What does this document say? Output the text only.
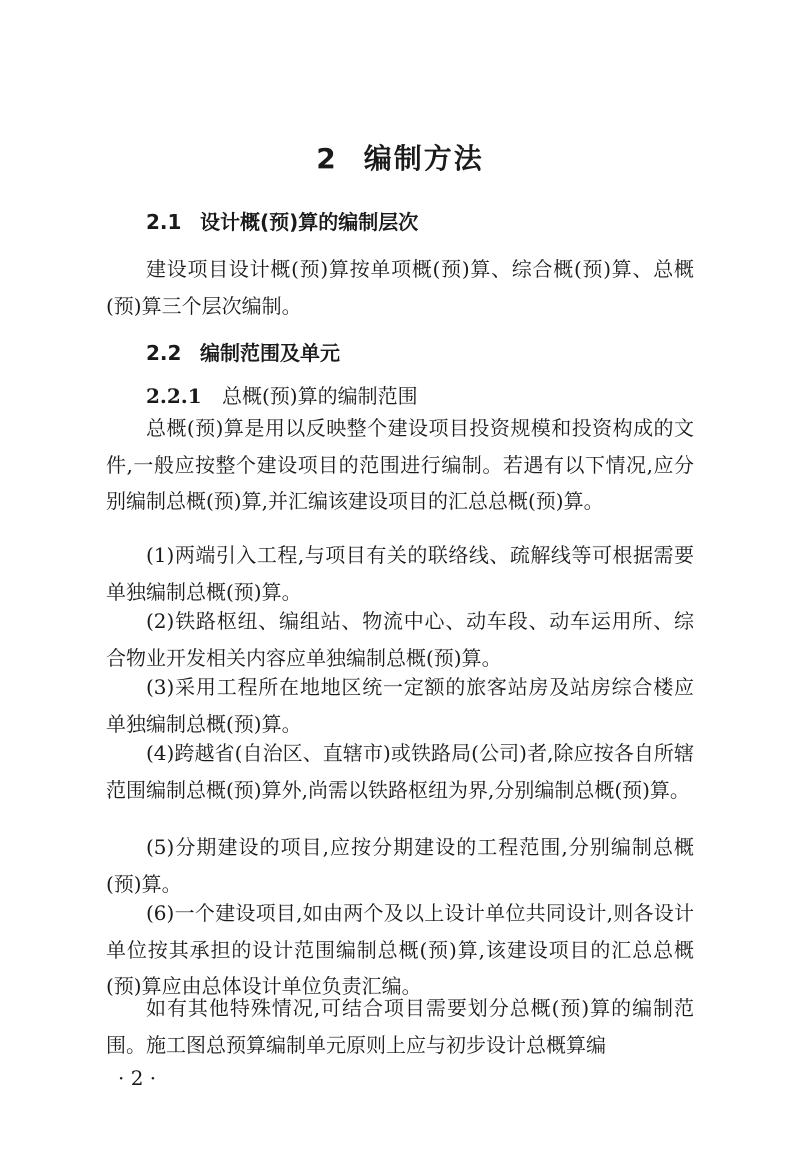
2 编制方法
2.1 设计概(预)算的编制层次

建设项目设计概(预)算按单项概(预)算、综合概(预)算、总概(预)算三个层次编制。

2.2 编制范围及单元
2.2.1 总概(预)算的编制范围

总概(预)算是用以反映整个建设项目投资规模和投资构成的文件,一般应按整个建设项目的范围进行编制。若遇有以下情况,应分别编制总概(预)算,并汇编该建设项目的汇总总概(预)算。

(1)两端引入工程,与项目有关的联络线、疏解线等可根据需要单独编制总概(预)算。

(2)铁路枢纽、编组站、物流中心、动车段、动车运用所、综合物业开发相关内容应单独编制总概(预)算。

(3)采用工程所在地地区统一定额的旅客站房及站房综合楼应单独编制总概(预)算。

(4)跨越省(自治区、直辖市)或铁路局(公司)者,除应按各自所辖范围编制总概(预)算外,尚需以铁路枢纽为界,分别编制总概(预)算。

(5)分期建设的项目,应按分期建设的工程范围,分别编制总概(预)算。

(6)一个建设项目,如由两个及以上设计单位共同设计,则各设计单位按其承担的设计范围编制总概(预)算,该建设项目的汇总总概(预)算应由总体设计单位负责汇编。

如有其他特殊情况,可结合项目需要划分总概(预)算的编制范围。施工图总预算编制单元原则上应与初步设计总概算编

· 2 ·
